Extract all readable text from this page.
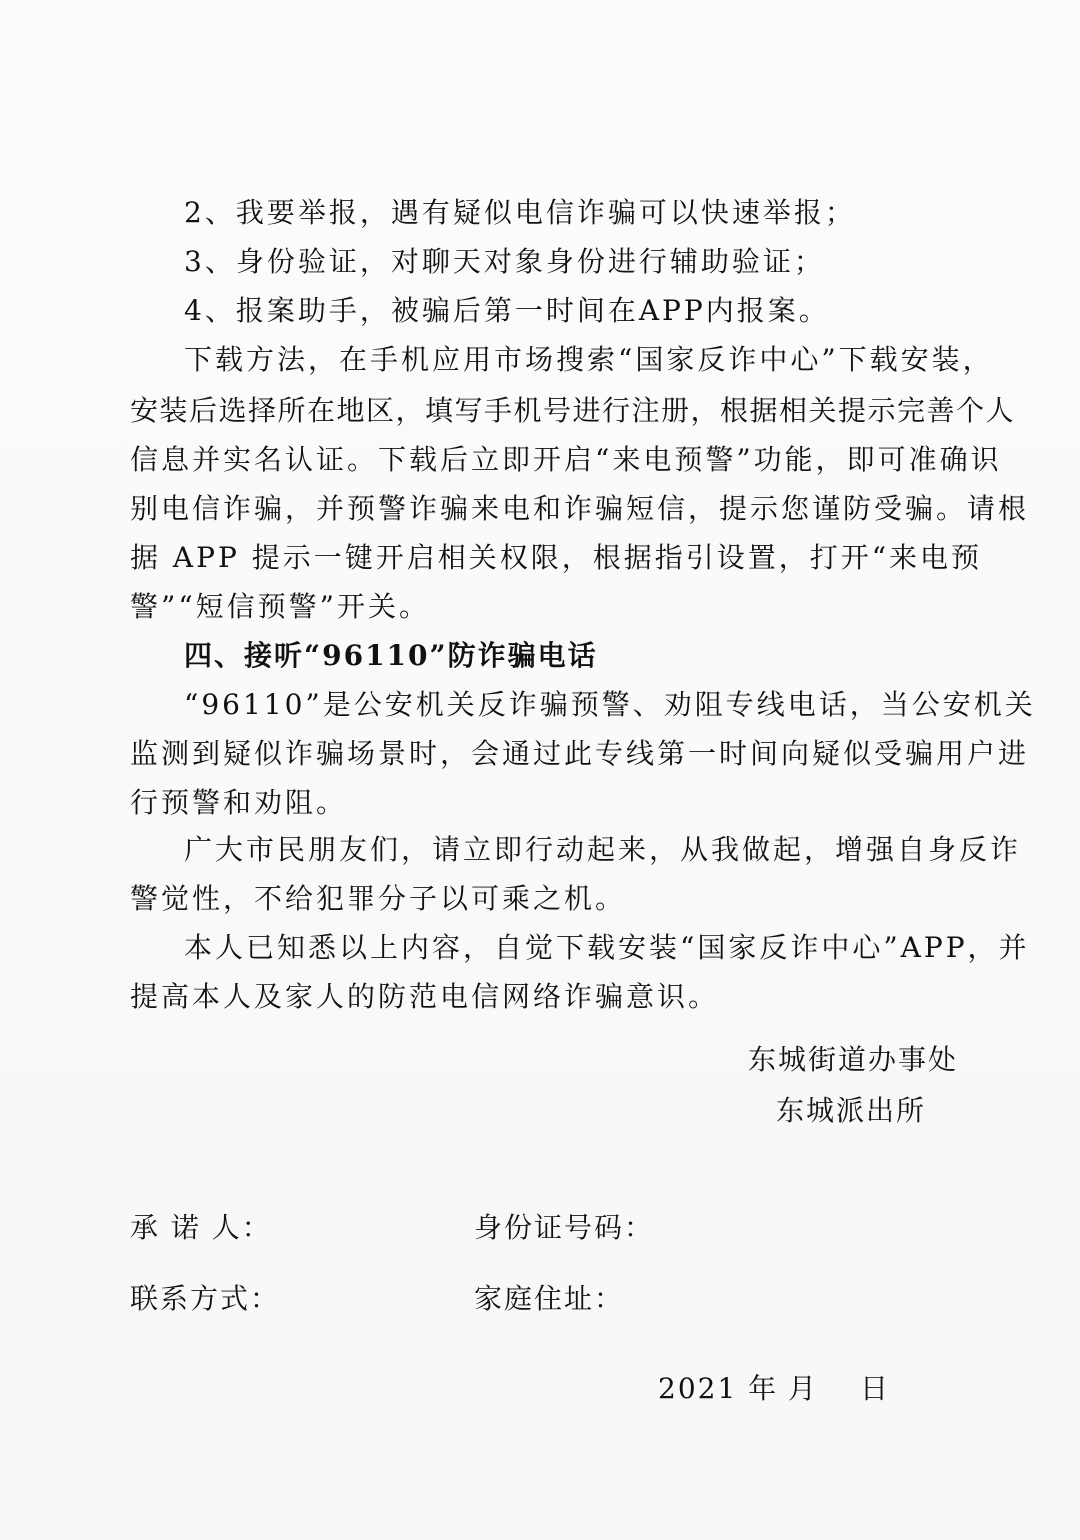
2、我要举报，遇有疑似电信诈骗可以快速举报；
3、身份验证，对聊天对象身份进行辅助验证；
4、报案助手，被骗后第一时间在APP内报案。
下载方法，在手机应用市场搜索“国家反诈中心”下载安装，
安装后选择所在地区，填写手机号进行注册，根据相关提示完善个人
信息并实名认证。下载后立即开启“来电预警”功能，即可准确识
别电信诈骗，并预警诈骗来电和诈骗短信，提示您谨防受骗。请根
据 APP 提示一键开启相关权限，根据指引设置，打开“来电预
警”“短信预警”开关。
四、接听“96110”防诈骗电话
“96110”是公安机关反诈骗预警、劝阻专线电话，当公安机关
监测到疑似诈骗场景时，会通过此专线第一时间向疑似受骗用户进
行预警和劝阻。
广大市民朋友们，请立即行动起来，从我做起，增强自身反诈
警觉性，不给犯罪分子以可乘之机。
本人已知悉以上内容，自觉下载安装“国家反诈中心”APP，并
提高本人及家人的防范电信网络诈骗意识。
东城街道办事处
东城派出所
承 诺 人：	身份证号码：
联系方式：	家庭住址：
2021 年 月 日
